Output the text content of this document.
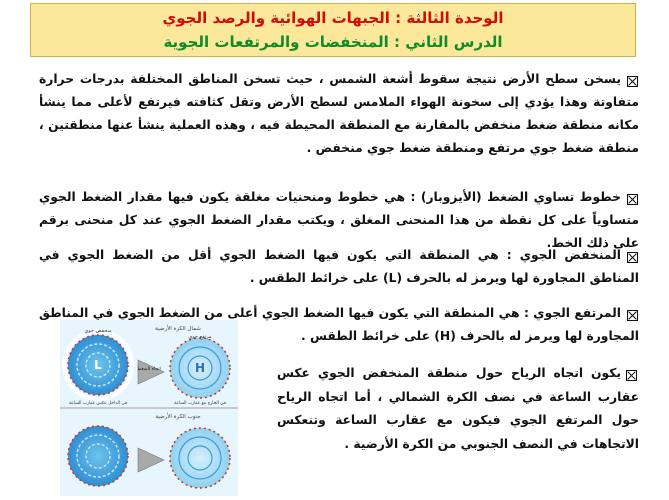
الوحدة الثالثة : الجبهات الهوائية والرصد الجوي
الدرس الثاني : المنخفضات والمرتفعات الجوية
يسخن سطح الأرض نتيجة سقوط أشعة الشمس ، حيث تسخن المناطق المختلفة بدرجات حرارة متفاوتة وهذا يؤدي إلى سخونة الهواء الملامس لسطح الأرض وتقل كثافته فيرتفع لأعلى مما ينشأ مكانه منطقة ضغط منخفض بالمقارنة مع المنطقة المحيطة فيه ، وهذه العملية ينشأ عنها منطقتين ، منطقة ضغط جوي مرتفع ومنطقة ضغط جوي منخفض .
خطوط تساوي الضغط (الأيزوبار) : هي خطوط ومنحنيات مغلقة يكون فيها مقدار الضغط الجوي متساوياً على كل نقطة من هذا المنحنى المغلق ، ويكتب مقدار الضغط الجوي عند كل منحنى برقم على ذلك الخط.
المنخفض الجوي : هي المنطقة التي يكون فيها الضغط الجوي أقل من الضغط الجوي في المناطق المجاورة لها ويرمز له بالحرف (L) على خرائط الطقس .
المرتفع الجوي : هي المنطقة التي يكون فيها الضغط الجوي أعلى من الضغط الجوي في المناطق المجاورة لها ويرمز له بالحرف (H) على خرائط الطقس .
يكون اتجاه الرياح حول منطقة المنخفض الجوي عكس عقارب الساعة في نصف الكرة الشمالي ، أما اتجاه الرياح حول المرتفع الجوي فيكون مع عقارب الساعة وتنعكس الاتجاهات في النصف الجنوبي من الكرة الأرضية .
شمال الكرة الأرضية
جنوب الكرة الأرضية
منخفض جوي
L
مرتفع جوي
H
اتجاه الضغط
في الداخل عكس عقارب الساعة	في الخارج مع عقارب الساعة
